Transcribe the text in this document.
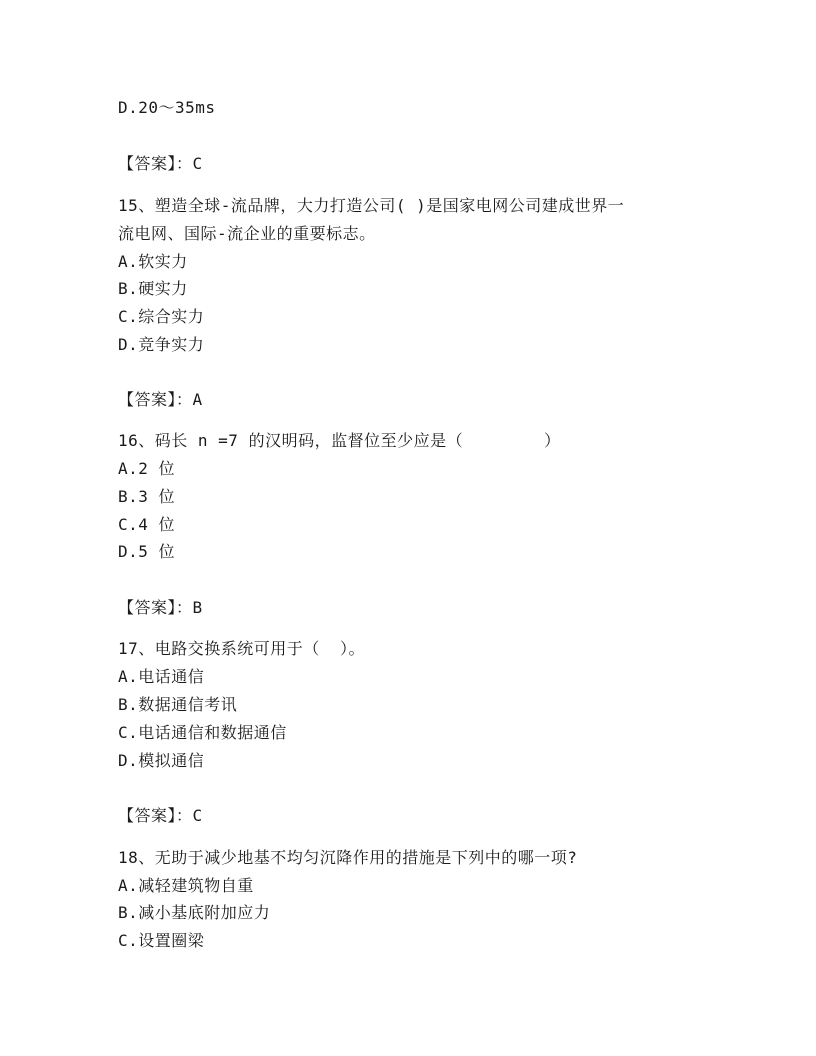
D.20～35ms
【答案】：C
15、塑造全球-流品牌，大力打造公司( )是国家电网公司建成世界一
流电网、国际-流企业的重要标志。
A.软实力
B.硬实力
C.综合实力
D.竞争实力
【答案】：A
16、码长 n =7 的汉明码，监督位至少应是（        ）
A.2 位
B.3 位
C.4 位
D.5 位
【答案】：B
17、电路交换系统可用于（  ）。
A.电话通信
B.数据通信考讯
C.电话通信和数据通信
D.模拟通信
【答案】：C
18、无助于减少地基不均匀沉降作用的措施是下列中的哪一项?
A.减轻建筑物自重
B.减小基底附加应力
C.设置圈梁
